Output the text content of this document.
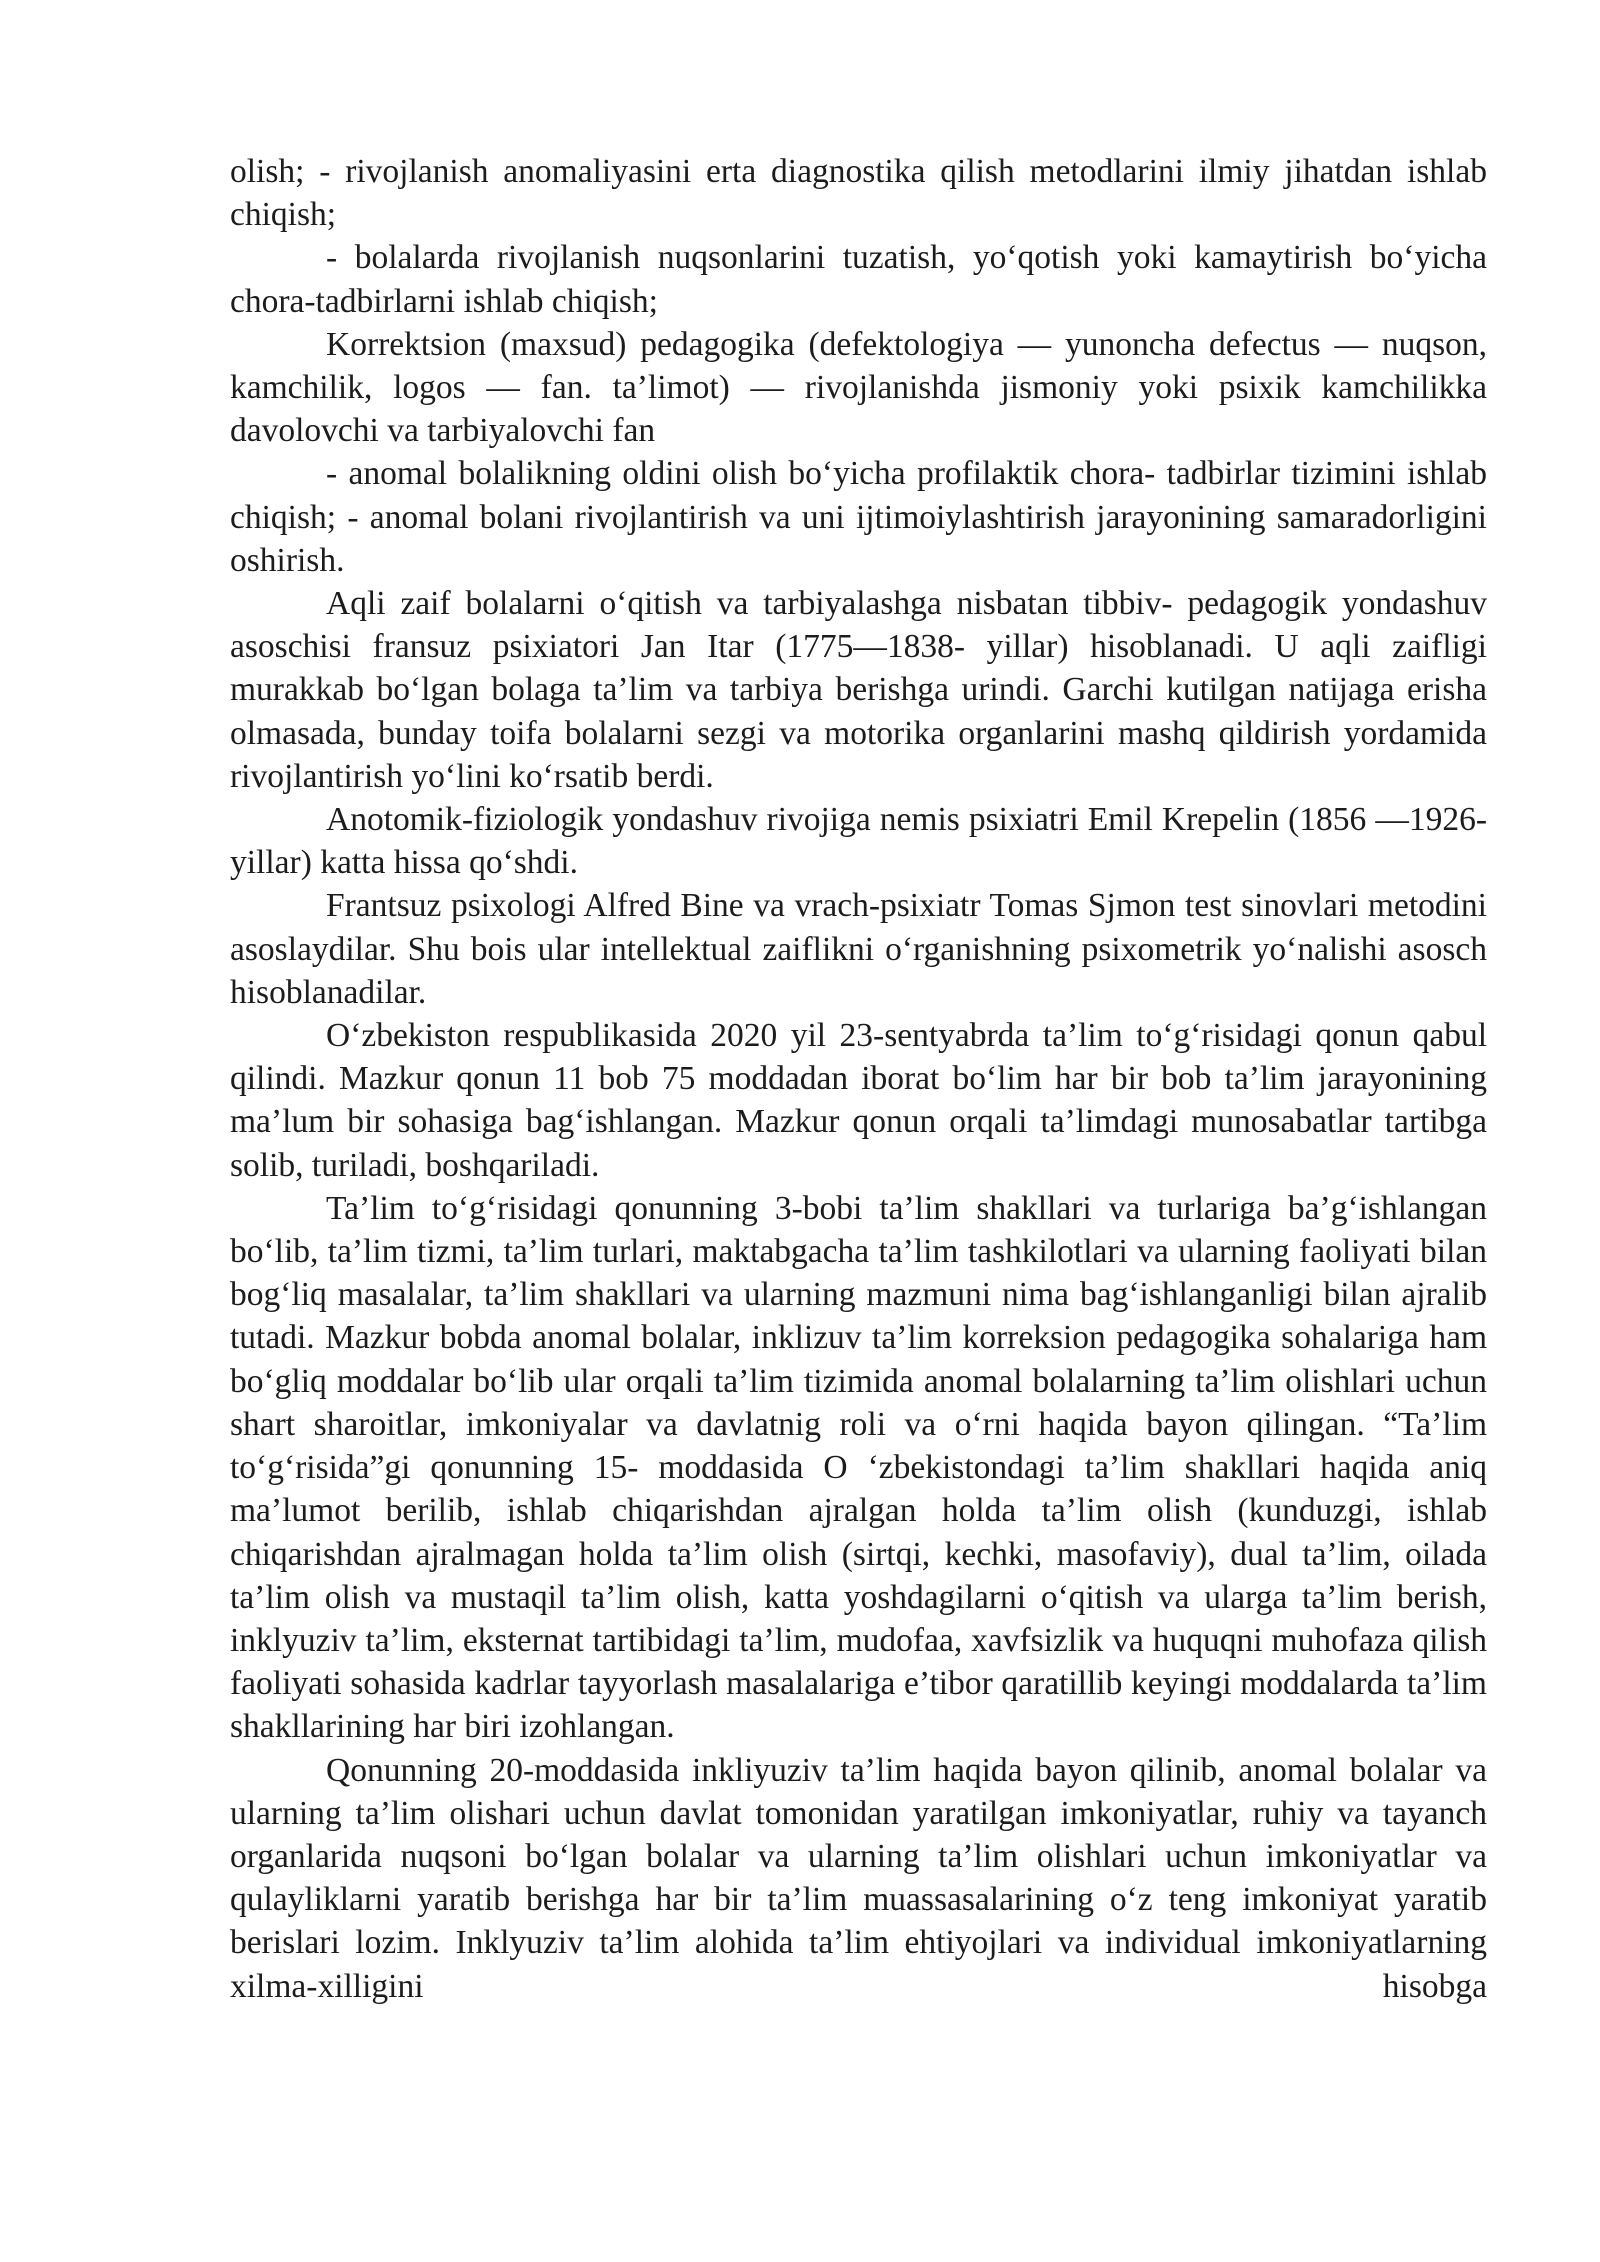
olish; - rivojlanish anomaliyasini erta diagnostika qilish metodlarini ilmiy jihatdan ishlab chiqish;

- bolalarda rivojlanish nuqsonlarini tuzatish, yo‘qotish yoki kamaytirish bo‘yicha chora-tadbirlarni ishlab chiqish;

Korrektsion (maxsud) pedagogika (defektologiya — yunoncha defectus — nuqson, kamchilik, logos — fan. ta’limot) — rivojlanishda jismoniy yoki psixik kamchilikka davolovchi va tarbiyalovchi fan

- anomal bolalikning oldini olish bo‘yicha profilaktik chora- tadbirlar tizimini ishlab chiqish; - anomal bolani rivojlantirish va uni ijtimoiylashtirish jarayonining samaradorligini oshirish.

Aqli zaif bolalarni o‘qitish va tarbiyalashga nisbatan tibbiv- pedagogik yondashuv asoschisi fransuz psixiatori Jan Itar (1775—1838- yillar) hisoblanadi. U aqli zaifligi murakkab bo‘lgan bolaga ta’lim va tarbiya berishga urindi. Garchi kutilgan natijaga erisha olmasada, bunday toifa bolalarni sezgi va motorika organlarini mashq qildirish yordamida rivojlantirish yo‘lini ko‘rsatib berdi.

Anotomik-fiziologik yondashuv rivojiga nemis psixiatri Emil Krepelin (1856 —1926-yillar) katta hissa qo‘shdi.

Frantsuz psixologi Alfred Bine va vrach-psixiatr Tomas Sjmon test sinovlari metodini asoslaydilar. Shu bois ular intellektual zaiflikni o‘rganishning psixometrik yo‘nalishi asosch hisoblanadilar.

O‘zbekiston respublikasida 2020 yil 23-sentyabrda ta’lim to‘g‘risidagi qonun qabul qilindi. Mazkur qonun 11 bob 75 moddadan iborat bo‘lim har bir bob ta’lim jarayonining ma’lum bir sohasiga bag‘ishlangan. Mazkur qonun orqali ta’limdagi munosabatlar tartibga solib, turiladi, boshqariladi.

Ta’lim to‘g‘risidagi qonunning 3-bobi ta’lim shakllari va turlariga ba’g‘ishlangan bo‘lib, ta’lim tizmi, ta’lim turlari, maktabgacha ta’lim tashkilotlari va ularning faoliyati bilan bog‘liq masalalar, ta’lim shakllari va ularning mazmuni nima bag‘ishlanganligi bilan ajralib tutadi. Mazkur bobda anomal bolalar, inklizuv ta’lim korreksion pedagogika sohalariga ham bo‘gliq moddalar bo‘lib ular orqali ta’lim tizimida anomal bolalarning ta’lim olishlari uchun shart sharoitlar, imkoniyalar va davlatnig roli va o‘rni haqida bayon qilingan. “Ta’lim to‘g‘risida”gi qonunning 15- moddasida O ‘zbekistondagi ta’lim shakllari haqida aniq ma’lumot berilib, ishlab chiqarishdan ajralgan holda ta’lim olish (kunduzgi, ishlab chiqarishdan ajralmagan holda ta’lim olish (sirtqi, kechki, masofaviy), dual ta’lim, oilada ta’lim olish va mustaqil ta’lim olish, katta yoshdagilarni o‘qitish va ularga ta’lim berish, inklyuziv ta’lim, eksternat tartibidagi ta’lim, mudofaa, xavfsizlik va huquqni muhofaza qilish faoliyati sohasida kadrlar tayyorlash masalalariga e’tibor qaratillib keyingi moddalarda ta’lim shakllarining har biri izohlangan.

Qonunning 20-moddasida inkliyuziv ta’lim haqida bayon qilinib, anomal bolalar va ularning ta’lim olishari uchun davlat tomonidan yaratilgan imkoniyatlar, ruhiy va tayanch organlarida nuqsoni bo‘lgan bolalar va ularning ta’lim olishlari uchun imkoniyatlar va qulayliklarni yaratib berishga har bir ta’lim muassasalarining o‘z teng imkoniyat yaratib berislari lozim. Inklyuziv ta’lim alohida ta’lim ehtiyojlari va individual imkoniyatlarning xilma-xilligini hisobga
